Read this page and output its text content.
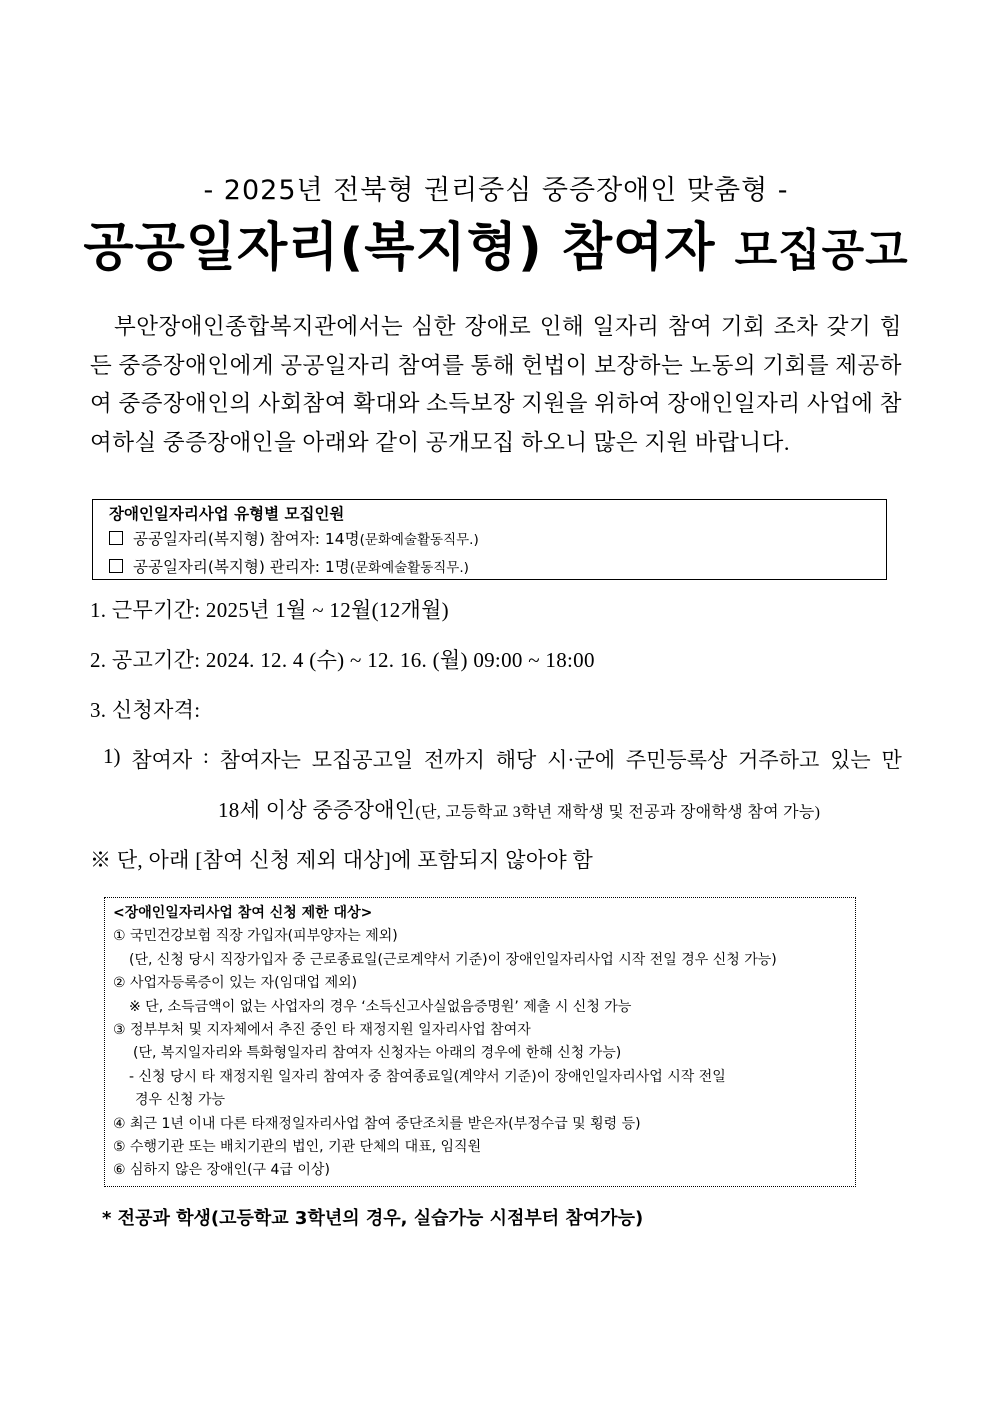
- 2025년 전북형 권리중심 중증장애인 맞춤형 -
공공일자리(복지형) 참여자 모집공고
부안장애인종합복지관에서는 심한 장애로 인해 일자리 참여 기회 조차 갖기 힘든 중증장애인에게 공공일자리 참여를 통해 헌법이 보장하는 노동의 기회를 제공하여 중증장애인의 사회참여 확대와 소득보장 지원을 위하여 장애인일자리 사업에 참여하실 중증장애인을 아래와 같이 공개모집 하오니 많은 지원 바랍니다.
장애인일자리사업 유형별 모집인원
공공일자리(복지형) 참여자: 14명(문화예술활동직무.)
공공일자리(복지형) 관리자: 1명(문화예술활동직무.)
1. 근무기간: 2025년 1월 ~ 12월(12개월)
2. 공고기간: 2024. 12. 4 (수) ~ 12. 16. (월) 09:00 ~ 18:00
3. 신청자격:
1) 참여자 : 참여자는 모집공고일 전까지 해당 시·군에 주민등록상 거주하고 있는 만
18세 이상 중증장애인(단, 고등학교 3학년 재학생 및 전공과 장애학생 참여 가능)
※ 단, 아래 [참여 신청 제외 대상]에 포함되지 않아야 함
<장애인일자리사업 참여 신청 제한 대상>
① 국민건강보험 직장 가입자(피부양자는 제외)
(단, 신청 당시 직장가입자 중 근로종료일(근로계약서 기준)이 장애인일자리사업 시작 전일 경우 신청 가능)
② 사업자등록증이 있는 자(임대업 제외)
※ 단, 소득금액이 없는 사업자의 경우 ‘소득신고사실없음증명원’ 제출 시 신청 가능
③ 정부부처 및 지자체에서 추진 중인 타 재정지원 일자리사업 참여자
(단, 복지일자리와 특화형일자리 참여자 신청자는 아래의 경우에 한해 신청 가능)
- 신청 당시 타 재정지원 일자리 참여자 중 참여종료일(계약서 기준)이 장애인일자리사업 시작 전일
경우 신청 가능
④ 최근 1년 이내 다른 타재정일자리사업 참여 중단조치를 받은자(부정수급 및 횡령 등)
⑤ 수행기관 또는 배치기관의 법인, 기관 단체의 대표, 임직원
⑥ 심하지 않은 장애인(구 4급 이상)
* 전공과 학생(고등학교 3학년의 경우, 실습가능 시점부터 참여가능)
